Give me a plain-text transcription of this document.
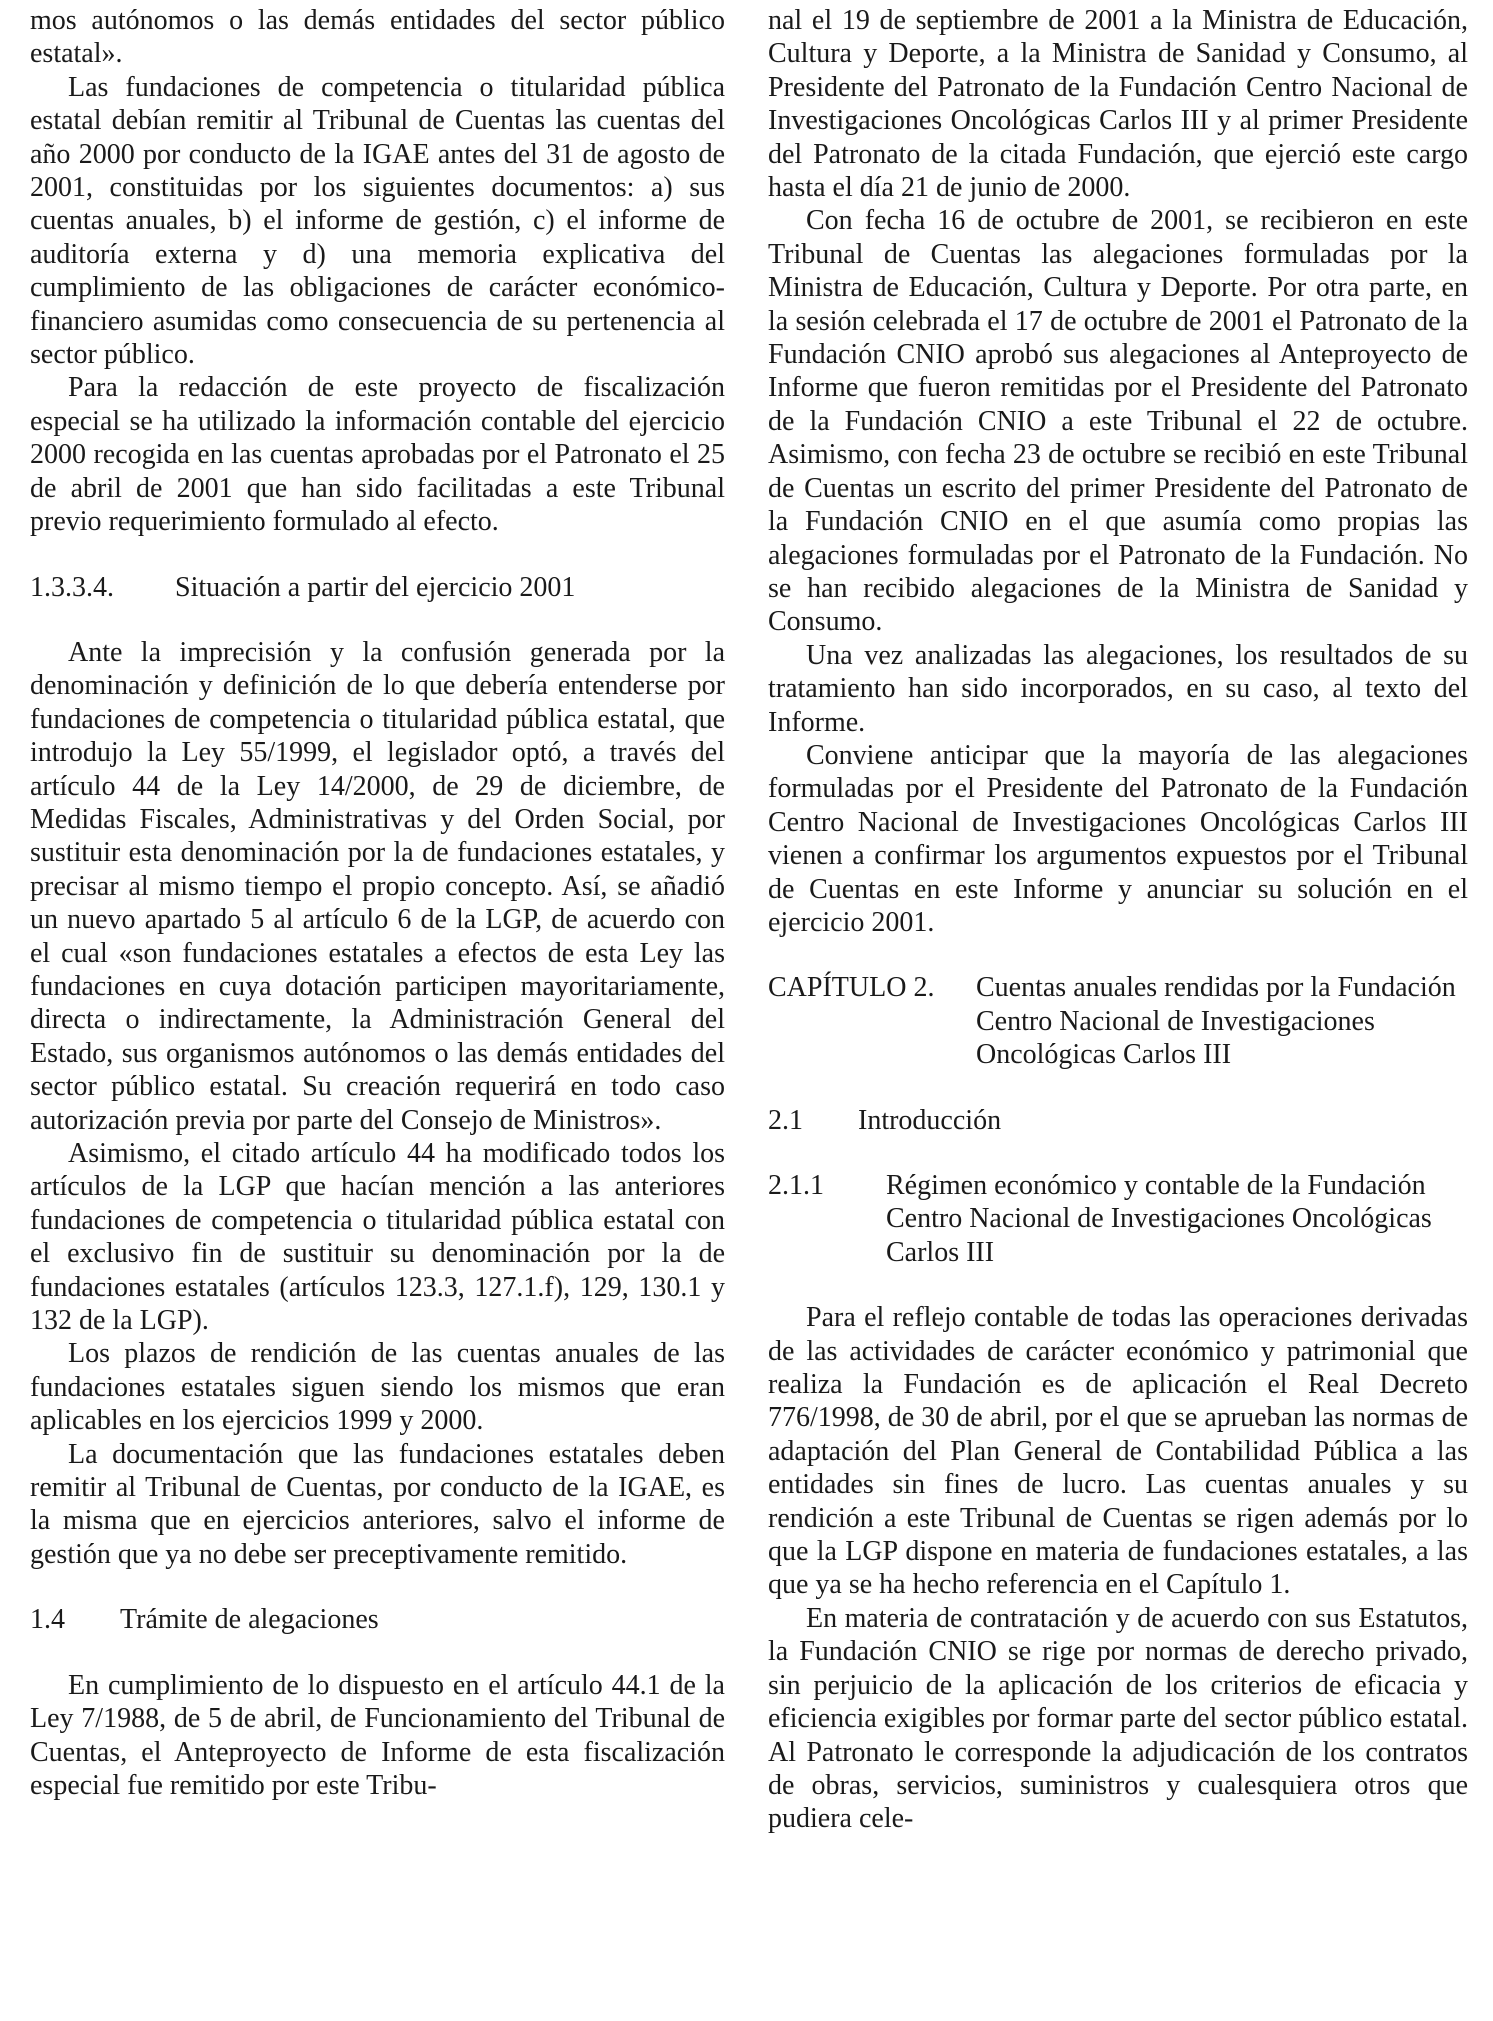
mos autónomos o las demás entidades del sector público estatal».

Las fundaciones de competencia o titularidad pública estatal debían remitir al Tribunal de Cuentas las cuentas del año 2000 por conducto de la IGAE antes del 31 de agosto de 2001, constituidas por los siguientes documentos: a) sus cuentas anuales, b) el informe de gestión, c) el informe de auditoría externa y d) una memoria explicativa del cumplimiento de las obligaciones de carácter económico-financiero asumidas como consecuencia de su pertenencia al sector público.

Para la redacción de este proyecto de fiscalización especial se ha utilizado la información contable del ejercicio 2000 recogida en las cuentas aprobadas por el Patronato el 25 de abril de 2001 que han sido facilitadas a este Tribunal previo requerimiento formulado al efecto.

1.3.3.4.	Situación a partir del ejercicio 2001

Ante la imprecisión y la confusión generada por la denominación y definición de lo que debería entenderse por fundaciones de competencia o titularidad pública estatal, que introdujo la Ley 55/1999, el legislador optó, a través del artículo 44 de la Ley 14/2000, de 29 de diciembre, de Medidas Fiscales, Administrativas y del Orden Social, por sustituir esta denominación por la de fundaciones estatales, y precisar al mismo tiempo el propio concepto. Así, se añadió un nuevo apartado 5 al artículo 6 de la LGP, de acuerdo con el cual «son fundaciones estatales a efectos de esta Ley las fundaciones en cuya dotación participen mayoritariamente, directa o indirectamente, la Administración General del Estado, sus organismos autónomos o las demás entidades del sector público estatal. Su creación requerirá en todo caso autorización previa por parte del Consejo de Ministros».

Asimismo, el citado artículo 44 ha modificado todos los artículos de la LGP que hacían mención a las anteriores fundaciones de competencia o titularidad pública estatal con el exclusivo fin de sustituir su denominación por la de fundaciones estatales (artículos 123.3, 127.1.f), 129, 130.1 y 132 de la LGP).

Los plazos de rendición de las cuentas anuales de las fundaciones estatales siguen siendo los mismos que eran aplicables en los ejercicios 1999 y 2000.

La documentación que las fundaciones estatales deben remitir al Tribunal de Cuentas, por conducto de la IGAE, es la misma que en ejercicios anteriores, salvo el informe de gestión que ya no debe ser preceptivamente remitido.

1.4	Trámite de alegaciones

En cumplimiento de lo dispuesto en el artículo 44.1 de la Ley 7/1988, de 5 de abril, de Funcionamiento del Tribunal de Cuentas, el Anteproyecto de Informe de esta fiscalización especial fue remitido por este Tribu-

nal el 19 de septiembre de 2001 a la Ministra de Educación, Cultura y Deporte, a la Ministra de Sanidad y Consumo, al Presidente del Patronato de la Fundación Centro Nacional de Investigaciones Oncológicas Carlos III y al primer Presidente del Patronato de la citada Fundación, que ejerció este cargo hasta el día 21 de junio de 2000.

Con fecha 16 de octubre de 2001, se recibieron en este Tribunal de Cuentas las alegaciones formuladas por la Ministra de Educación, Cultura y Deporte. Por otra parte, en la sesión celebrada el 17 de octubre de 2001 el Patronato de la Fundación CNIO aprobó sus alegaciones al Anteproyecto de Informe que fueron remitidas por el Presidente del Patronato de la Fundación CNIO a este Tribunal el 22 de octubre. Asimismo, con fecha 23 de octubre se recibió en este Tribunal de Cuentas un escrito del primer Presidente del Patronato de la Fundación CNIO en el que asumía como propias las alegaciones formuladas por el Patronato de la Fundación. No se han recibido alegaciones de la Ministra de Sanidad y Consumo.

Una vez analizadas las alegaciones, los resultados de su tratamiento han sido incorporados, en su caso, al texto del Informe.

Conviene anticipar que la mayoría de las alegaciones formuladas por el Presidente del Patronato de la Fundación Centro Nacional de Investigaciones Oncológicas Carlos III vienen a confirmar los argumentos expuestos por el Tribunal de Cuentas en este Informe y anunciar su solución en el ejercicio 2001.

CAPÍTULO 2.	Cuentas anuales rendidas por la Fundación Centro Nacional de Investigaciones Oncológicas Carlos III
2.1	Introducción
2.1.1	Régimen económico y contable de la Fundación Centro Nacional de Investigaciones Oncológicas Carlos III

Para el reflejo contable de todas las operaciones derivadas de las actividades de carácter económico y patrimonial que realiza la Fundación es de aplicación el Real Decreto 776/1998, de 30 de abril, por el que se aprueban las normas de adaptación del Plan General de Contabilidad Pública a las entidades sin fines de lucro. Las cuentas anuales y su rendición a este Tribunal de Cuentas se rigen además por lo que la LGP dispone en materia de fundaciones estatales, a las que ya se ha hecho referencia en el Capítulo 1.

En materia de contratación y de acuerdo con sus Estatutos, la Fundación CNIO se rige por normas de derecho privado, sin perjuicio de la aplicación de los criterios de eficacia y eficiencia exigibles por formar parte del sector público estatal. Al Patronato le corresponde la adjudicación de los contratos de obras, servicios, suministros y cualesquiera otros que pudiera cele-
